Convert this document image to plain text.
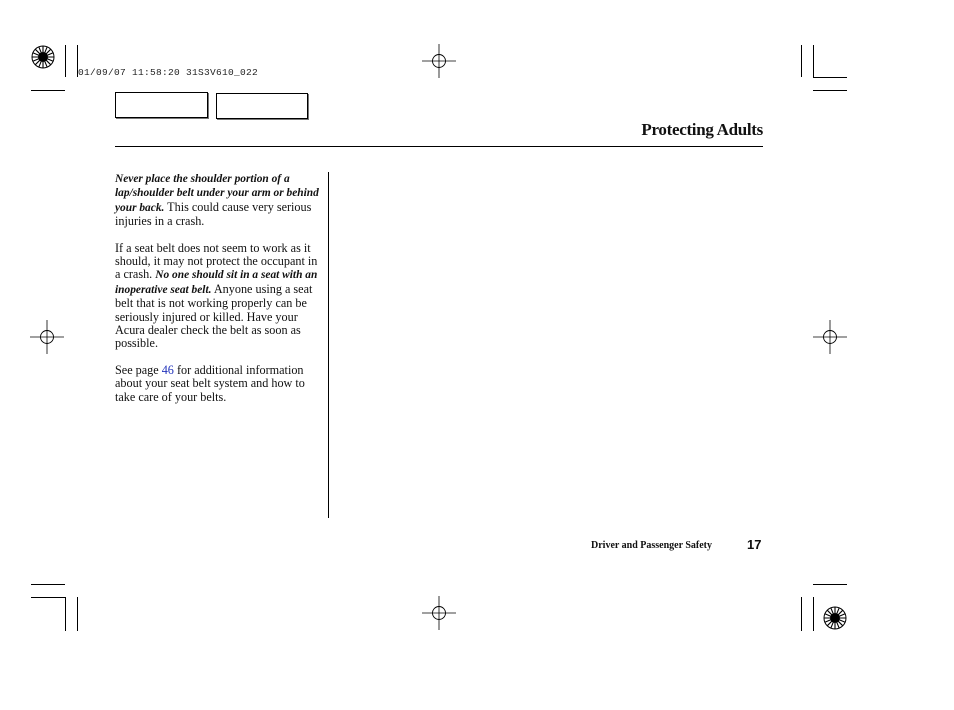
01/09/07 11:58:20 31S3V610_022
Protecting Adults

Never place the shoulder portion of a lap/shoulder belt under your arm or behind your back. This could cause very serious injuries in a crash.

If a seat belt does not seem to work as it should, it may not protect the occupant in a crash. No one should sit in a seat with an inoperative seat belt. Anyone using a seat belt that is not working properly can be seriously injured or killed. Have your Acura dealer check the belt as soon as possible.

See page 46 for additional information about your seat belt system and how to take care of your belts.

Driver and Passenger Safety	17
